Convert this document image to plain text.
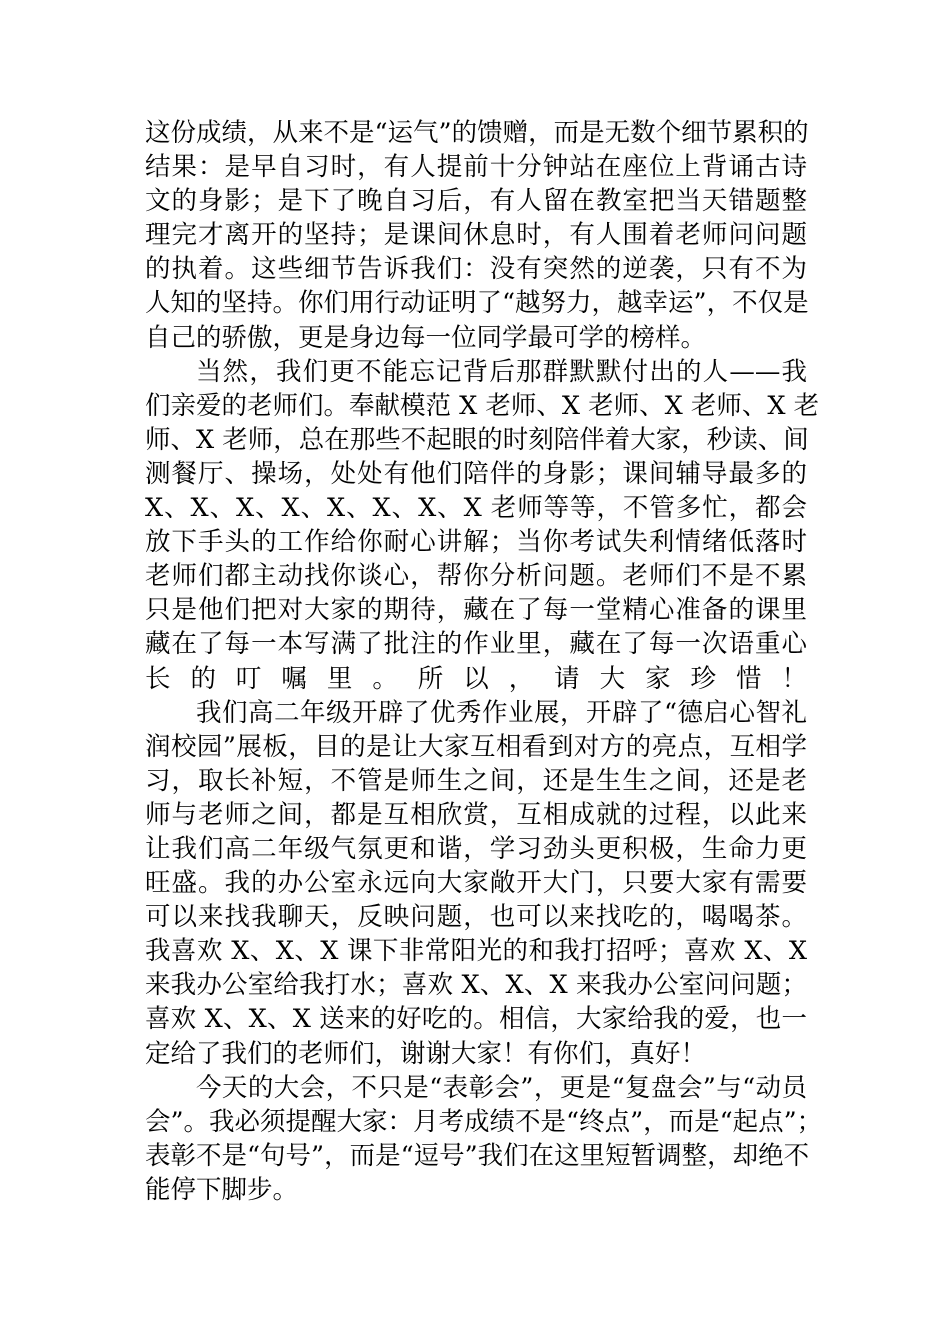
这份成绩，从来不是“运气”的馈赠，而是无数个细节累积的
结果：是早自习时，有人提前十分钟站在座位上背诵古诗
文的身影；是下了晚自习后，有人留在教室把当天错题整
理完才离开的坚持；是课间休息时，有人围着老师问问题
的执着。这些细节告诉我们：没有突然的逆袭，只有不为
人知的坚持。你们用行动证明了“越努力，越幸运”，不仅是
自己的骄傲，更是身边每一位同学最可学的榜样。
当然，我们更不能忘记背后那群默默付出的人——我
们亲爱的老师们。奉献模范 X 老师、X 老师、X 老师、X 老
师、X 老师，总在那些不起眼的时刻陪伴着大家，秒读、间
测餐厅、操场，处处有他们陪伴的身影；课间辅导最多的
X、X、X、X、X、X、X、X 老师等等，不管多忙，都会
放下手头的工作给你耐心讲解；当你考试失利情绪低落时
老师们都主动找你谈心，帮你分析问题。老师们不是不累
只是他们把对大家的期待，藏在了每一堂精心准备的课里
藏在了每一本写满了批注的作业里，藏在了每一次语重心
长的叮嘱里。所以，请大家珍惜！
我们高二年级开辟了优秀作业展，开辟了“德启心智礼
润校园”展板，目的是让大家互相看到对方的亮点，互相学
习，取长补短，不管是师生之间，还是生生之间，还是老
师与老师之间，都是互相欣赏，互相成就的过程，以此来
让我们高二年级气氛更和谐，学习劲头更积极，生命力更
旺盛。我的办公室永远向大家敞开大门，只要大家有需要
可以来找我聊天，反映问题，也可以来找吃的，喝喝茶。
我喜欢 X、X、X 课下非常阳光的和我打招呼；喜欢 X、X
来我办公室给我打水；喜欢 X、X、X 来我办公室问问题；
喜欢 X、X、X 送来的好吃的。相信，大家给我的爱，也一
定给了我们的老师们，谢谢大家！有你们，真好！
今天的大会，不只是“表彰会”，更是“复盘会”与“动员
会”。我必须提醒大家：月考成绩不是“终点”，而是“起点”；
表彰不是“句号”，而是“逗号”我们在这里短暂调整，却绝不
能停下脚步。
